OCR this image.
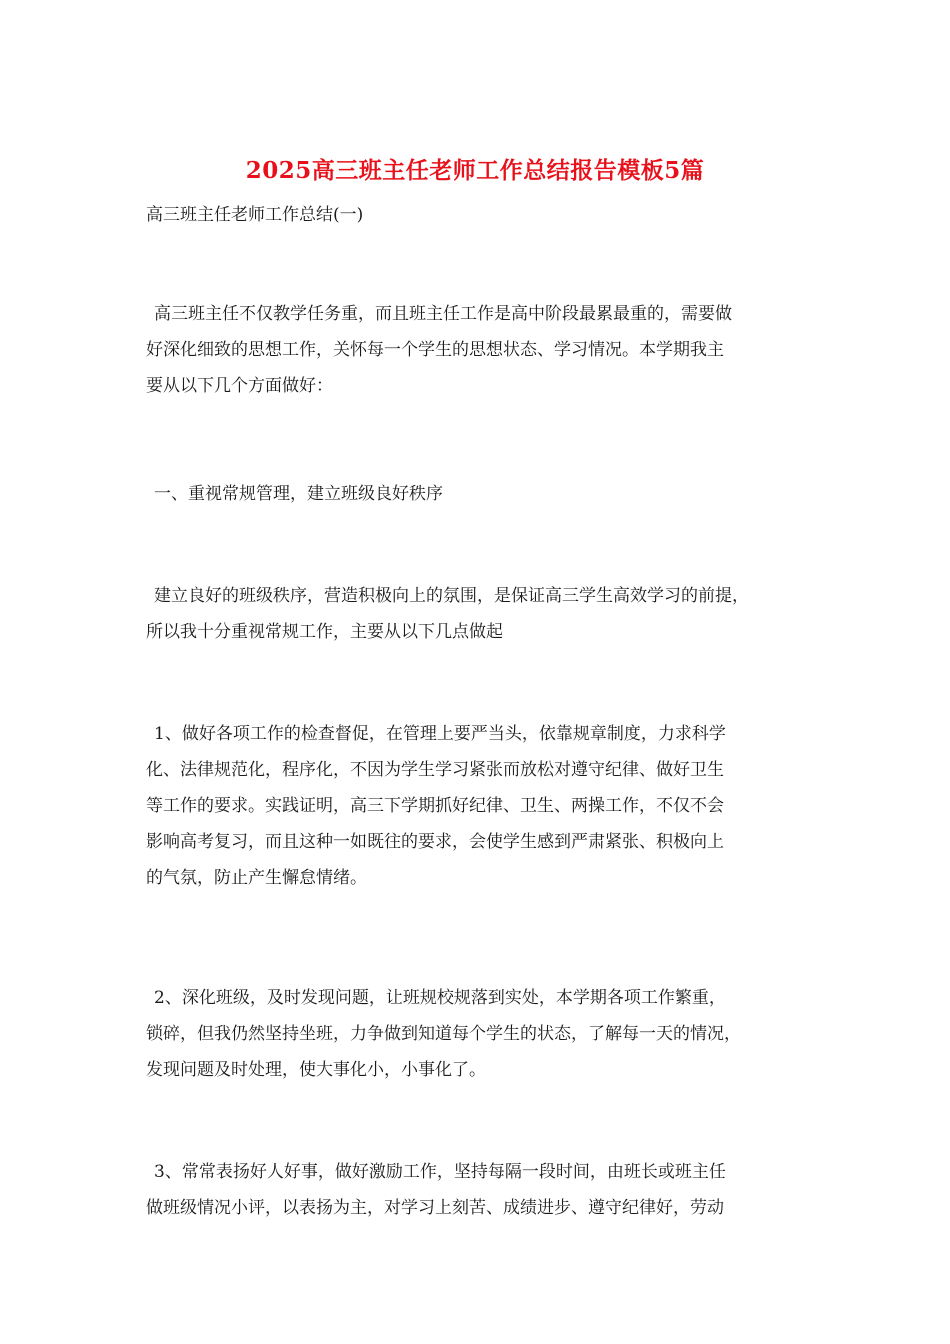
2025高三班主任老师工作总结报告模板5篇

高三班主任老师工作总结(一)

高三班主任不仅教学任务重，而且班主任工作是高中阶段最累最重的，需要做
好深化细致的思想工作，关怀每一个学生的思想状态、学习情况。本学期我主
要从以下几个方面做好：

一、重视常规管理，建立班级良好秩序

建立良好的班级秩序，营造积极向上的氛围，是保证高三学生高效学习的前提，
所以我十分重视常规工作，主要从以下几点做起

1、做好各项工作的检查督促，在管理上要严当头，依靠规章制度，力求科学
化、法律规范化，程序化，不因为学生学习紧张而放松对遵守纪律、做好卫生
等工作的要求。实践证明，高三下学期抓好纪律、卫生、两操工作，不仅不会
影响高考复习，而且这种一如既往的要求，会使学生感到严肃紧张、积极向上
的气氛，防止产生懈怠情绪。

2、深化班级，及时发现问题，让班规校规落到实处，本学期各项工作繁重，
锁碎，但我仍然坚持坐班，力争做到知道每个学生的状态，了解每一天的情况，
发现问题及时处理，使大事化小，小事化了。

3、常常表扬好人好事，做好激励工作，坚持每隔一段时间，由班长或班主任
做班级情况小评，以表扬为主，对学习上刻苦、成绩进步、遵守纪律好，劳动
